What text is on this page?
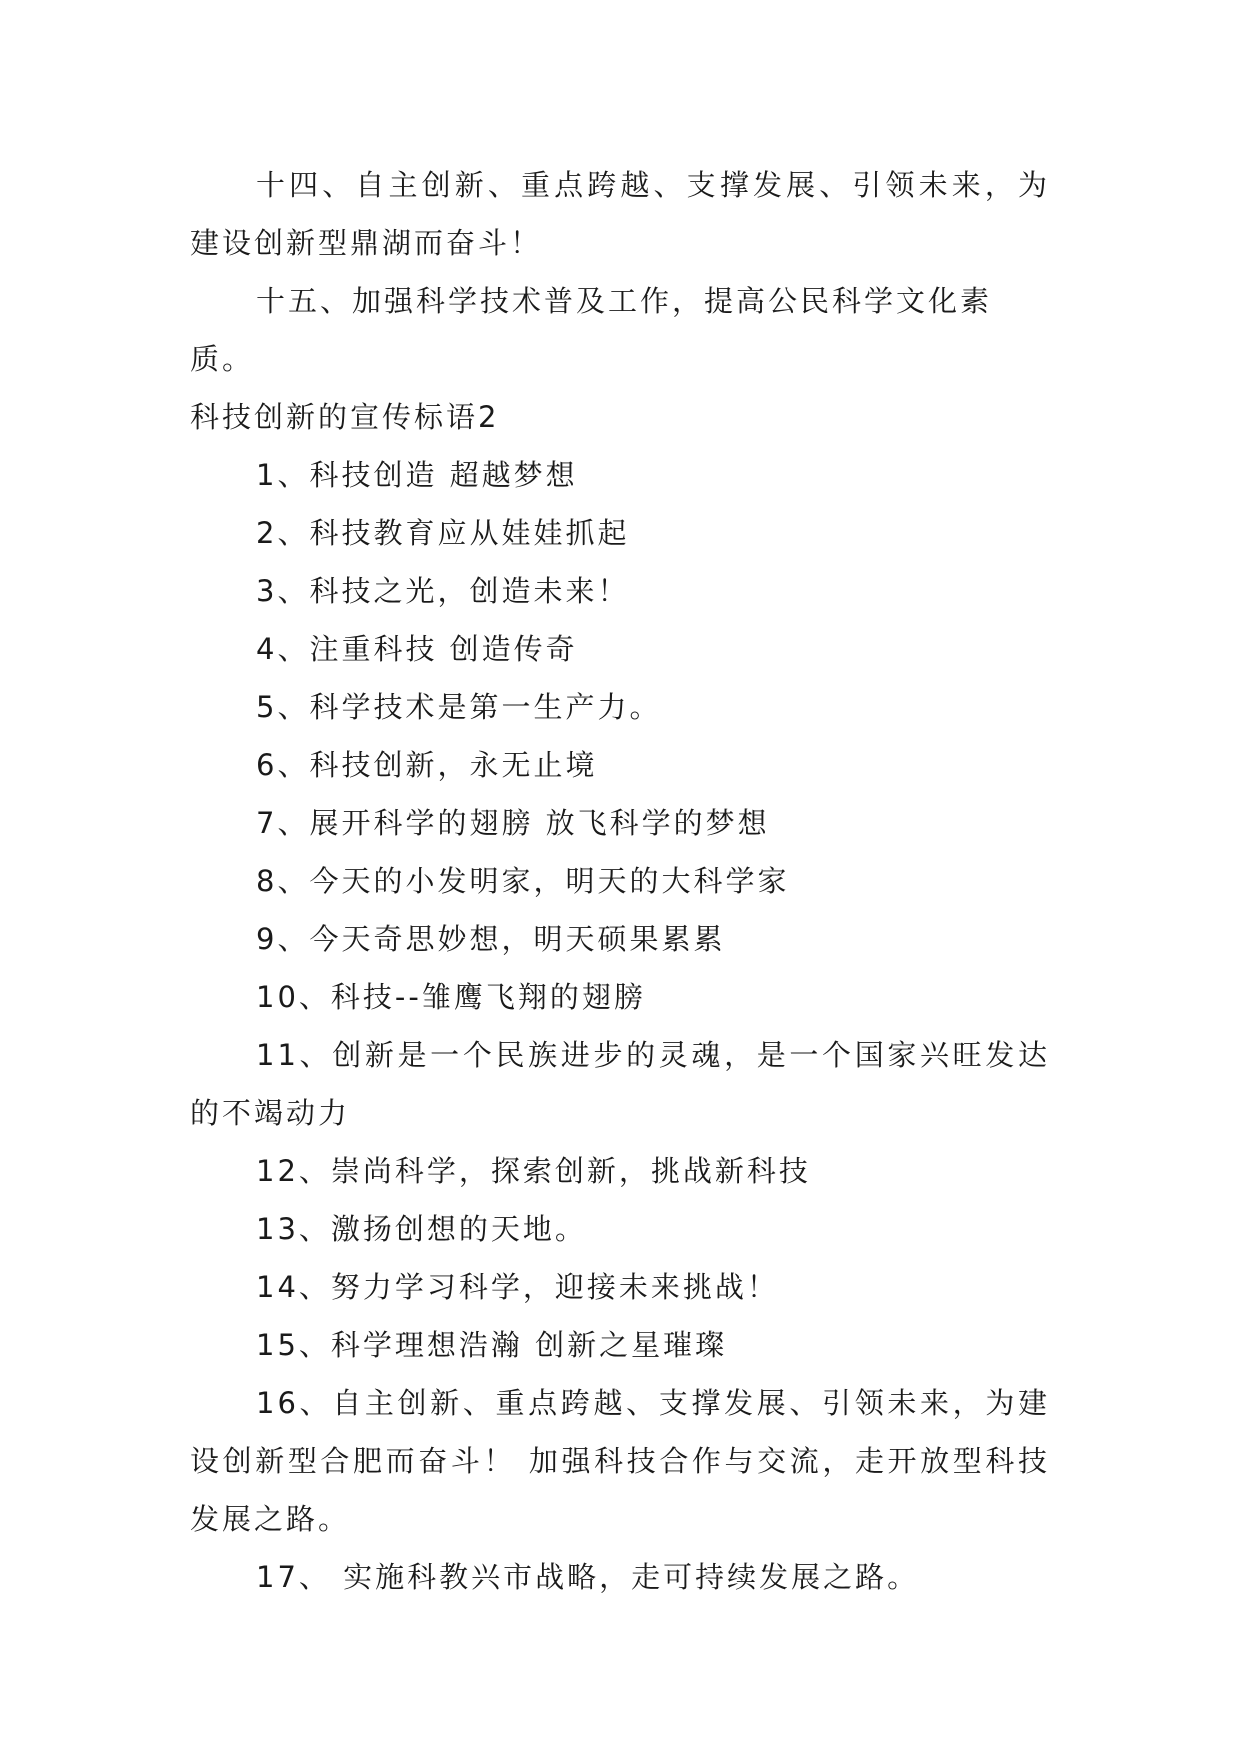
十四、自主创新、重点跨越、支撑发展、引领未来，为建设创新型鼎湖而奋斗！

十五、加强科学技术普及工作，提高公民科学文化素质。

科技创新的宣传标语2

1、科技创造 超越梦想

2、科技教育应从娃娃抓起

3、科技之光，创造未来！

4、注重科技 创造传奇

5、科学技术是第一生产力。

6、科技创新，永无止境

7、展开科学的翅膀 放飞科学的梦想

8、今天的小发明家，明天的大科学家

9、今天奇思妙想，明天硕果累累

10、科技--雏鹰飞翔的翅膀

11、创新是一个民族进步的灵魂，是一个国家兴旺发达的不竭动力

12、崇尚科学，探索创新，挑战新科技

13、激扬创想的天地。

14、努力学习科学，迎接未来挑战！

15、科学理想浩瀚 创新之星璀璨

16、自主创新、重点跨越、支撑发展、引领未来，为建设创新型合肥而奋斗！ 加强科技合作与交流，走开放型科技发展之路。

17、 实施科教兴市战略，走可持续发展之路。
